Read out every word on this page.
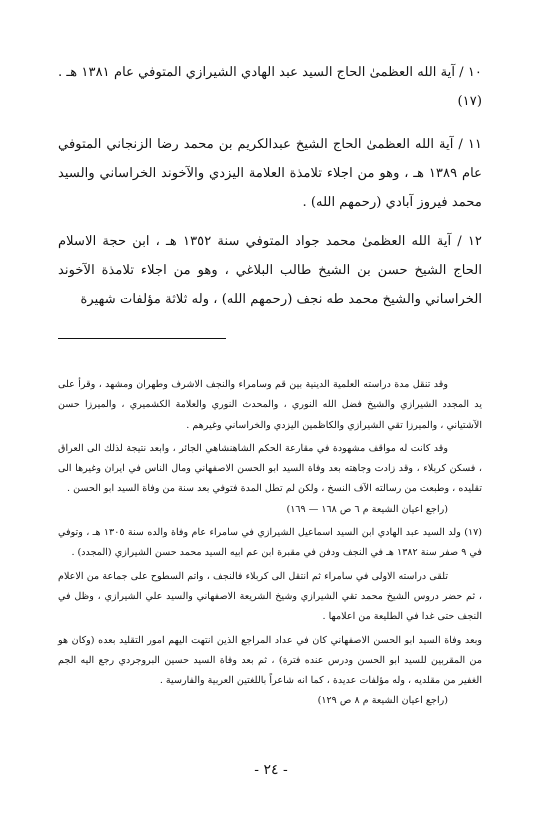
١٠ / آية الله العظمىٰ الحاج السيد عبد الهادي الشيرازي المتوفي عام ١٣٨١ هـ . (١٧)

١١ / آية الله العظمىٰ الحاج الشيخ عبدالكريم بن محمد رضا الزنجاني المتوفي عام ١٣٨٩ هـ ، وهو من اجلاء تلامذة العلامة اليزدي والآخوند الخراساني والسيد محمد فيروز آبادي (رحمهم الله) .

١٢ / آية الله العظمىٰ محمد جواد المتوفي سنة ١٣٥٢ هـ ، ابن حجة الاسلام الحاج الشيخ حسن بن الشيخ طالب البلاغي ، وهو من اجلاء تلامذة الآخوند الخراساني والشيخ محمد طه نجف (رحمهم الله) ، وله ثلاثة مؤلفات شهيرة

وقد تنقل مدة دراسته العلمية الدينية بين قم وسامراء والنجف الاشرف وطهران ومشهد ، وقرأ على يد المجدد الشيرازي والشيخ فضل الله النوري ، والمحدث النوري والعلامة الكشميري ، والميرزا حسن الآشتياني ، والميرزا تقي الشيرازي والكاظمين اليزدي والخراساني وغيرهم .

وقد كانت له مواقف مشهودة في مقارعة الحكم الشاهنشاهي الجائر ، وابعد نتيجة لذلك الى العراق ، فسكن كربلاء ، وقد زادت وجاهته بعد وفاة السيد ابو الحسن الاصفهاني ومال الناس في ايران وغيرها الى تقليده ، وطبعت من رسالته الآف النسخ ، ولكن لم تطل المدة فتوفي بعد سنة من وفاة السيد ابو الحسن .

(راجع اعيان الشيعة م ٦ ص ١٦٨ — ١٦٩)

(١٧) ولد السيد عبد الهادي ابن السيد اسماعيل الشيرازي في سامراء عام وفاة والده سنة ١٣٠٥ هـ ، وتوفي في ٩ صفر سنة ١٣٨٢ هـ في النجف ودفن في مقبرة ابن عم ابيه السيد محمد حسن الشيرازي (المجدد) .

تلقى دراسته الاولى في سامراء ثم انتقل الى كربلاء فالنجف ، واتم السطوح على جماعة من الاعلام ، ثم حضر دروس الشيخ محمد تقي الشيرازي وشيخ الشريعة الاصفهاني والسيد علي الشيرازي ، وظل في النجف حتى غدا في الطليعة من اعلامها .

وبعد وفاة السيد ابو الحسن الاصفهاني كان في عداد المراجع الذين انتهت اليهم امور التقليد بعده (وكان هو من المقربين للسيد ابو الحسن ودرس عنده فترة) ، ثم بعد وفاة السيد حسين البروجردي رجع اليه الجم الغفير من مقلديه ، وله مؤلفات عديدة ، كما انه شاعراً باللغتين العربية والفارسية .

(راجع اعيان الشيعة م ٨ ص ١٢٩)

- ٢٤ -
